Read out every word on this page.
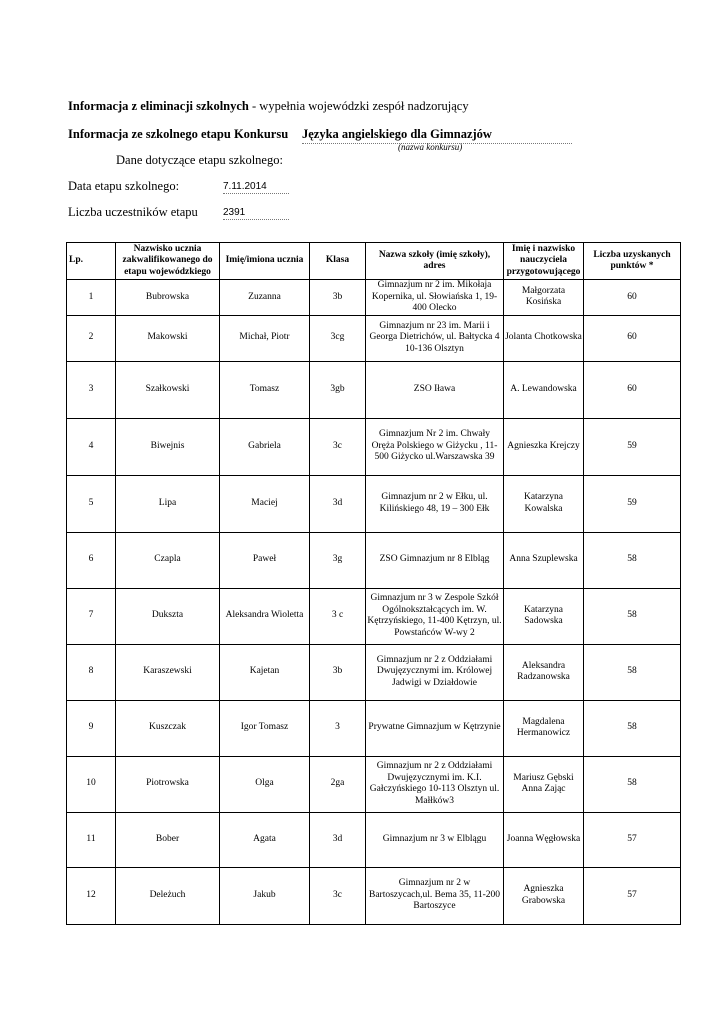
Informacja z eliminacji szkolnych - wypełnia wojewódzki zespół nadzorujący
Informacja ze szkolnego etapu Konkursu Języka angielskiego dla Gimnazjów
(nazwa konkursu)
Dane dotyczące etapu szkolnego:
Data etapu szkolnego:	7.11.2014
Liczba uczestników etapu	2391
Lp.	Nazwisko ucznia zakwalifikowanego do etapu wojewódzkiego	Imię/imiona ucznia	Klasa	Nazwa szkoły (imię szkoły), adres	Imię i nazwisko nauczyciela przygotowującego	Liczba uzyskanych punktów *
1	Bubrowska	Zuzanna	3b	Gimnazjum nr 2 im. Mikołaja Kopernika, ul. Słowiańska 1, 19-400 Olecko	Małgorzata Kosińska	60
2	Makowski	Michał, Piotr	3cg	Gimnazjum nr 23 im. Marii i Georga Dietrichów, ul. Bałtycka 4 10-136 Olsztyn	Jolanta Chotkowska	60
3	Szałkowski	Tomasz	3gb	ZSO Iława	A. Lewandowska	60
4	Biwejnis	Gabriela	3c	Gimnazjum Nr 2 im. Chwały Oręża Polskiego w Giżycku , 11-500 Giżycko ul.Warszawska 39	Agnieszka Krejczy	59
5	Lipa	Maciej	3d	Gimnazjum nr 2 w Ełku, ul. Kilińskiego 48, 19 – 300 Ełk	Katarzyna Kowalska	59
6	Czapla	Paweł	3g	ZSO Gimnazjum nr 8 Elbląg	Anna Szuplewska	58
7	Dukszta	Aleksandra Wioletta	3 c	Gimnazjum nr 3 w Zespole Szkół Ogólnokształcących im. W. Kętrzyńskiego, 11-400 Kętrzyn, ul. Powstańców W-wy 2	Katarzyna Sadowska	58
8	Karaszewski	Kajetan	3b	Gimnazjum nr 2 z Oddziałami Dwujęzycznymi im. Królowej Jadwigi w Działdowie	Aleksandra Radzanowska	58
9	Kuszczak	Igor Tomasz	3	Prywatne Gimnazjum w Kętrzynie	Magdalena Hermanowicz	58
10	Piotrowska	Olga	2ga	Gimnazjum nr 2 z Oddziałami Dwujęzycznymi im. K.I. Gałczyńskiego 10-113 Olsztyn ul. Małłków3	Mariusz Gębski Anna Zając	58
11	Bober	Agata	3d	Gimnazjum nr 3 w Elblągu	Joanna Węgłowska	57
12	Deleżuch	Jakub	3c	Gimnazjum nr 2 w Bartoszycach,ul. Bema 35, 11-200 Bartoszyce	Agnieszka Grabowska	57
